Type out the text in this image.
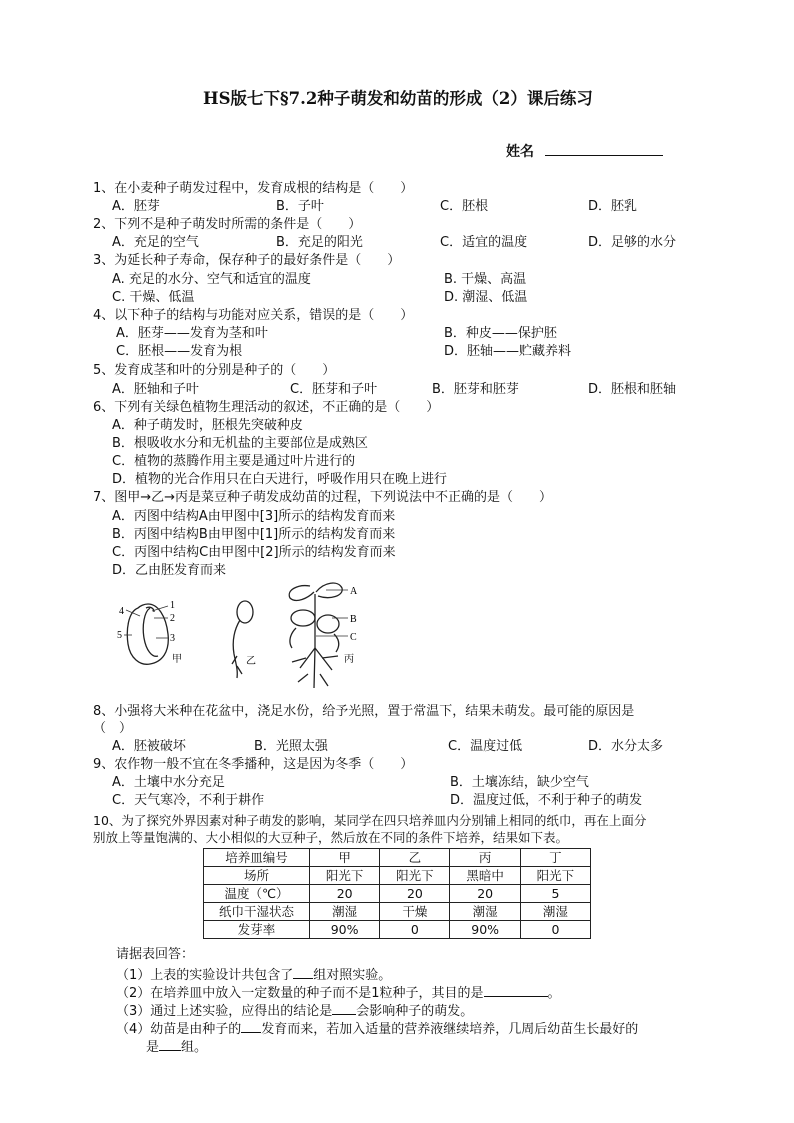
HS版七下§7.2种子萌发和幼苗的形成（2）课后练习
姓名
1、在小麦种子萌发过程中，发育成根的结构是（　　）
A．胚芽	B．子叶	C．胚根	D．胚乳
2、下列不是种子萌发时所需的条件是（　　）
A．充足的空气	B．充足的阳光	C．适宜的温度	D．足够的水分
3、为延长种子寿命，保存种子的最好条件是（　　）
A. 充足的水分、空气和适宜的温度	B. 干燥、高温
C. 干燥、低温	D. 潮湿、低温
4、以下种子的结构与功能对应关系，错误的是（　　）
A．胚芽——发育为茎和叶	B．种皮——保护胚
C．胚根——发育为根	D．胚轴——贮藏养料
5、发育成茎和叶的分别是种子的（　　）
A．胚轴和子叶	C．胚芽和子叶	B．胚芽和胚芽	D．胚根和胚轴
6、下列有关绿色植物生理活动的叙述，不正确的是（　　）
A．种子萌发时，胚根先突破种皮
B．根吸收水分和无机盐的主要部位是成熟区
C．植物的蒸腾作用主要是通过叶片进行的
D．植物的光合作用只在白天进行，呼吸作用只在晚上进行
7、图甲→乙→丙是菜豆种子萌发成幼苗的过程，下列说法中不正确的是（　　）
A．丙图中结构A由甲图中[3]所示的结构发育而来
B．丙图中结构B由甲图中[1]所示的结构发育而来
C．丙图中结构C由甲图中[2]所示的结构发育而来
D．乙由胚发育而来
4
1
2
5	3
甲	乙
A
B
C
丙
8、小强将大米种在花盆中，浇足水份，给予光照，置于常温下，结果未萌发。最可能的原因是
（　）
A．胚被破坏	B．光照太强	C．温度过低	D．水分太多
9、农作物一般不宜在冬季播种，这是因为冬季（　　）
A．土壤中水分充足	B．土壤冻结，缺少空气
C．天气寒冷，不利于耕作	D．温度过低，不利于种子的萌发
10、为了探究外界因素对种子萌发的影响，某同学在四只培养皿内分别铺上相同的纸巾，再在上面分
别放上等量饱满的、大小相似的大豆种子，然后放在不同的条件下培养，结果如下表。
培养皿编号	甲	乙	丙	丁
场所	阳光下	阳光下	黑暗中	阳光下
温度（℃）	20	20	20	5
纸巾干湿状态	潮湿	干燥	潮湿	潮湿
发芽率	90%	0	90%	0
请据表回答：
（1）上表的实验设计共包含了 组对照实验。
（2）在培养皿中放入一定数量的种子而不是1粒种子，其目的是	。
（3）通过上述实验，应得出的结论是 会影响种子的萌发。
（4）幼苗是由种子的 发育而来，若加入适量的营养液继续培养，几周后幼苗生长最好的
是 组。
